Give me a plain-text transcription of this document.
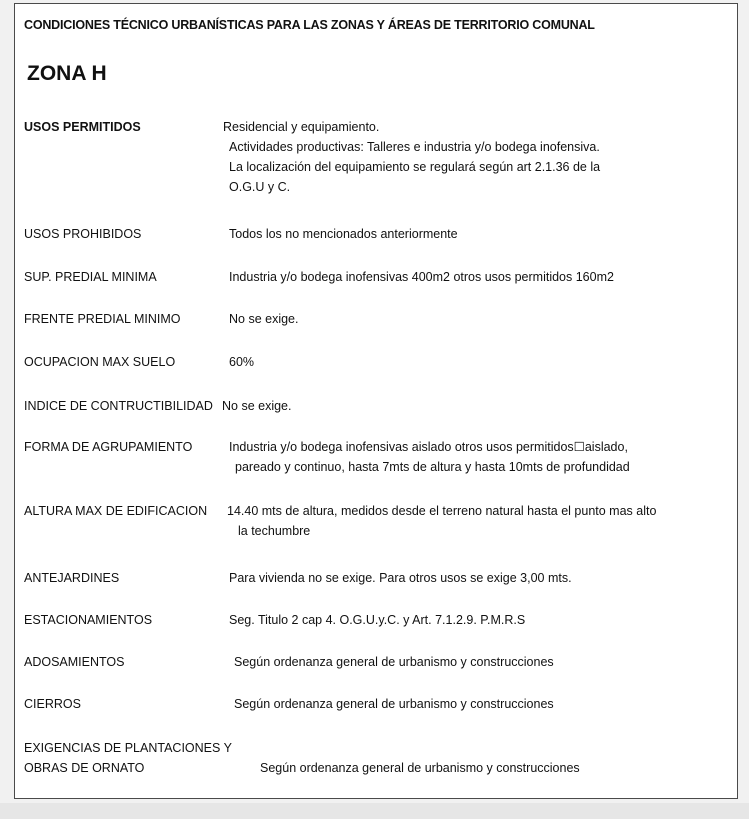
CONDICIONES TÉCNICO URBANÍSTICAS PARA LAS ZONAS Y ÁREAS DE TERRITORIO COMUNAL
ZONA H
USOS PERMITIDOS	Residencial y equipamiento.
Actividades productivas: Talleres e industria y/o bodega inofensiva.
La localización del equipamiento se regulará según art 2.1.36 de la
O.G.U y C.
USOS PROHIBIDOS	Todos los no mencionados anteriormente
SUP. PREDIAL MINIMA	Industria y/o bodega inofensivas 400m2 otros usos permitidos 160m2
FRENTE PREDIAL MINIMO	No se exige.
OCUPACION MAX SUELO	60%
INDICE DE CONTRUCTIBILIDAD No se exige.
FORMA DE AGRUPAMIENTO	Industria y/o bodega inofensivas aislado otros usos permitidos☐aislado,
pareado y continuo, hasta 7mts de altura y hasta 10mts de profundidad
ALTURA MAX DE EDIFICACION 14.40 mts de altura, medidos desde el terreno natural hasta el punto mas alto
la techumbre
ANTEJARDINES	Para vivienda no se exige. Para otros usos se exige 3,00 mts.
ESTACIONAMIENTOS	Seg. Titulo 2 cap 4. O.G.U.y.C. y Art. 7.1.2.9. P.M.R.S
ADOSAMIENTOS	Según ordenanza general de urbanismo y construcciones
CIERROS	Según ordenanza general de urbanismo y construcciones
EXIGENCIAS DE PLANTACIONES Y
OBRAS DE ORNATO	Según ordenanza general de urbanismo y construcciones
